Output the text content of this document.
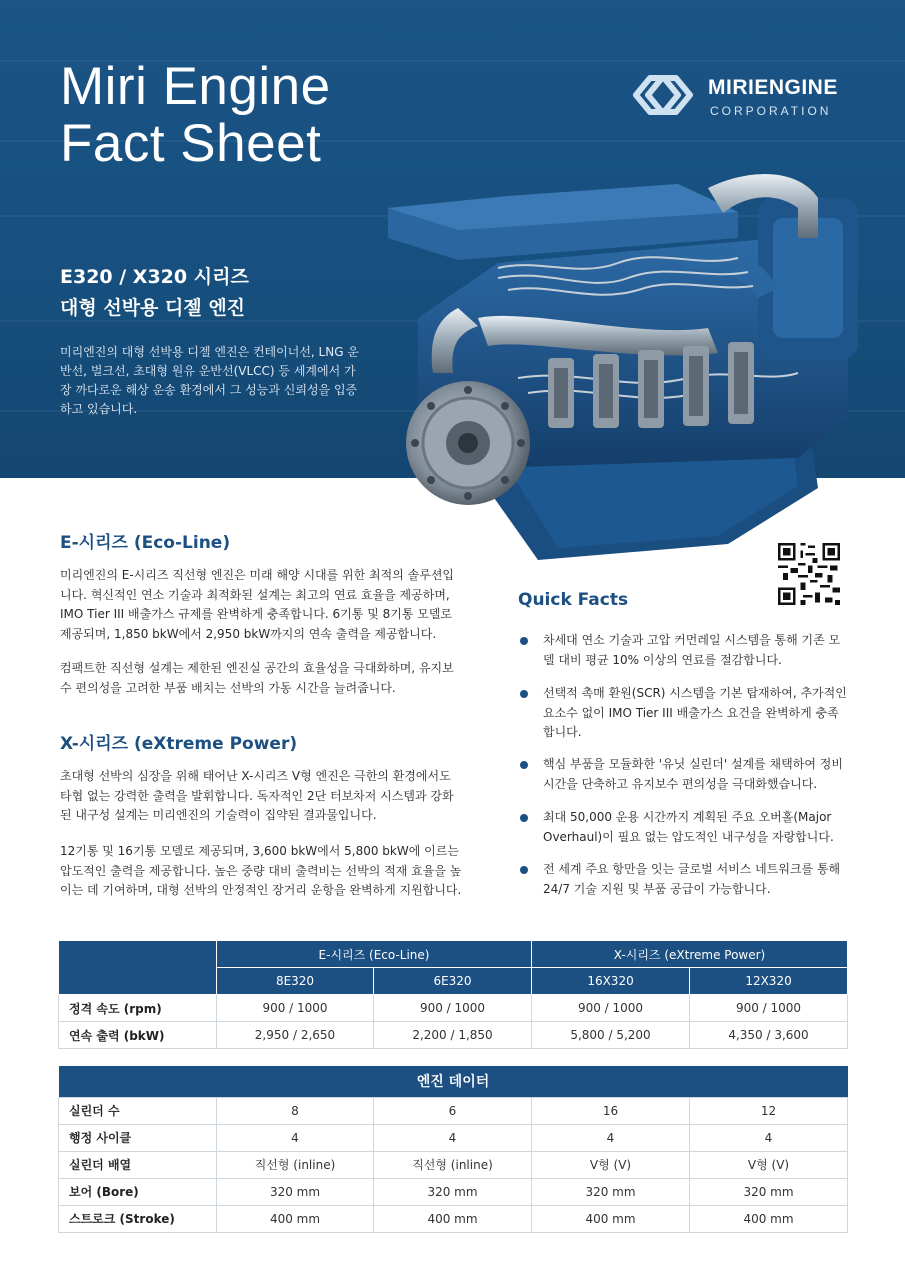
Miri Engine
Fact Sheet
MIRIENGINE
CORPORATION
E320 / X320 시리즈
대형 선박용 디젤 엔진
미리엔진의 대형 선박용 디젤 엔진은 컨테이너선, LNG 운반선, 벌크선, 초대형 원유 운반선(VLCC) 등 세계에서 가장 까다로운 해상 운송 환경에서 그 성능과 신뢰성을 입증하고 있습니다.
E-시리즈 (Eco-Line)
미리엔진의 E-시리즈 직선형 엔진은 미래 해양 시대를 위한 최적의 솔루션입니다. 혁신적인 연소 기술과 최적화된 설계는 최고의 연료 효율을 제공하며, IMO Tier III 배출가스 규제를 완벽하게 충족합니다. 6기통 및 8기통 모델로 제공되며, 1,850 bkW에서 2,950 bkW까지의 연속 출력을 제공합니다.
컴팩트한 직선형 설계는 제한된 엔진실 공간의 효율성을 극대화하며, 유지보수 편의성을 고려한 부품 배치는 선박의 가동 시간을 늘려줍니다.
X-시리즈 (eXtreme Power)
초대형 선박의 심장을 위해 태어난 X-시리즈 V형 엔진은 극한의 환경에서도 타협 없는 강력한 출력을 발휘합니다. 독자적인 2단 터보차저 시스템과 강화된 내구성 설계는 미리엔진의 기술력이 집약된 결과물입니다.
12기통 및 16기통 모델로 제공되며, 3,600 bkW에서 5,800 bkW에 이르는 압도적인 출력을 제공합니다. 높은 중량 대비 출력비는 선박의 적재 효율을 높이는 데 기여하며, 대형 선박의 안정적인 장거리 운항을 완벽하게 지원합니다.
Quick Facts
차세대 연소 기술과 고압 커먼레일 시스템을 통해 기존 모델 대비 평균 10% 이상의 연료를 절감합니다.
선택적 촉매 환원(SCR) 시스템을 기본 탑재하여, 추가적인 요소수 없이 IMO Tier III 배출가스 요건을 완벽하게 충족합니다.
핵심 부품을 모듈화한 '유닛 실린더' 설계를 채택하여 정비 시간을 단축하고 유지보수 편의성을 극대화했습니다.
최대 50,000 운용 시간까지 계획된 주요 오버홀(Major Overhaul)이 필요 없는 압도적인 내구성을 자랑합니다.
전 세계 주요 항만을 잇는 글로벌 서비스 네트워크를 통해 24/7 기술 지원 및 부품 공급이 가능합니다.
	E-시리즈 (Eco-Line)		X-시리즈 (eXtreme Power)	
	8E320	6E320	16X320	12X320
정격 속도 (rpm)	900 / 1000	900 / 1000	900 / 1000	900 / 1000
연속 출력 (bkW)	2,950 / 2,650	2,200 / 1,850	5,800 / 5,200	4,350 / 3,600
엔진 데이터				
실린더 수	8	6	16	12
행정 사이클	4	4	4	4
실린더 배열	직선형 (inline)	직선형 (inline)	V형 (V)	V형 (V)
보어 (Bore)	320 mm	320 mm	320 mm	320 mm
스트로크 (Stroke)	400 mm	400 mm	400 mm	400 mm
